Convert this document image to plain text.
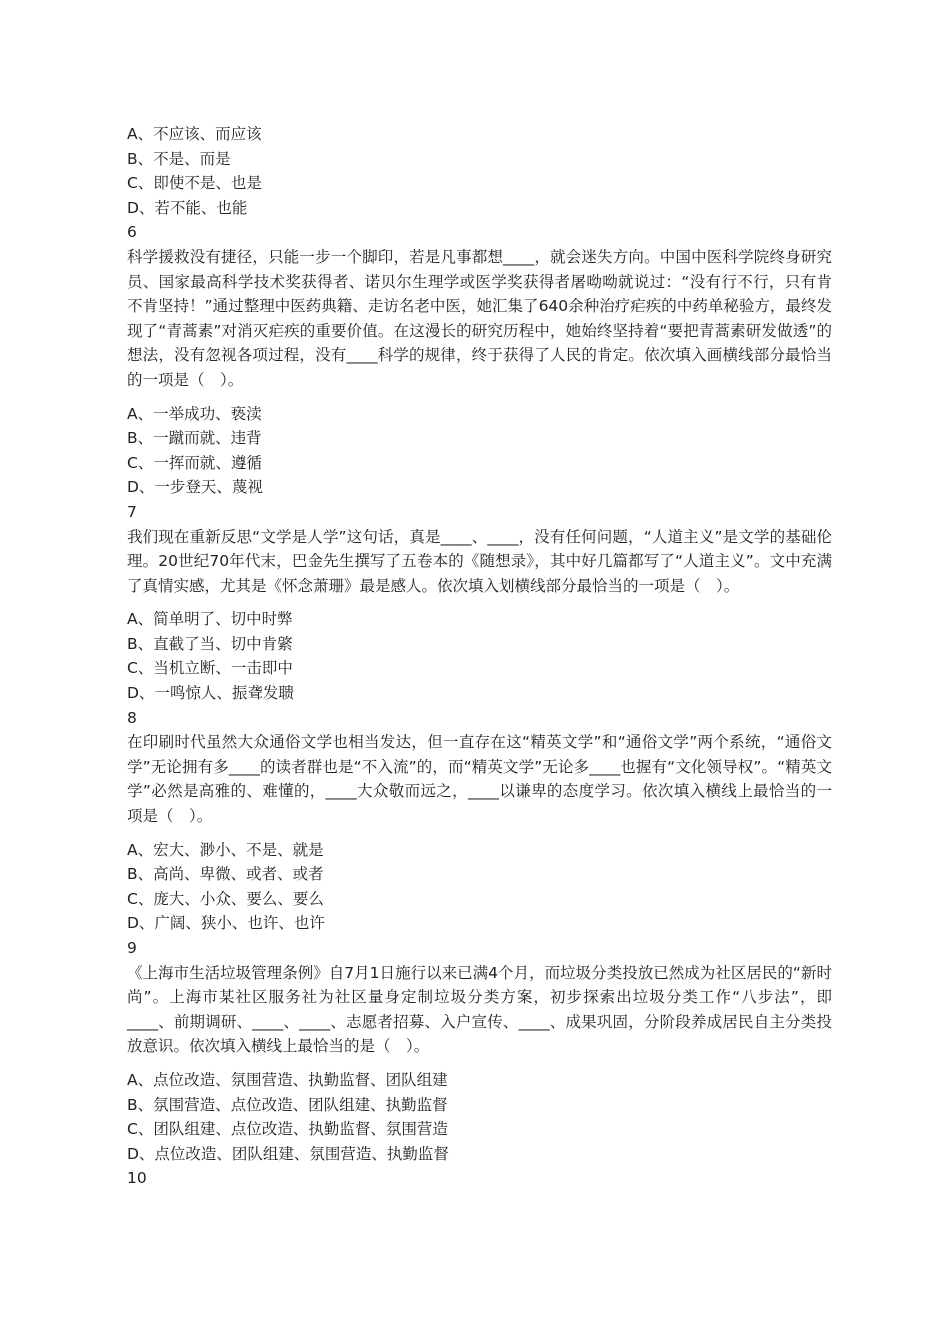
A、不应该、而应该
B、不是、而是
C、即使不是、也是
D、若不能、也能
6
科学援救没有捷径，只能一步一个脚印，若是凡事都想____，就会迷失方向。中国中医科学院终身研究员、国家最高科学技术奖获得者、诺贝尔生理学或医学奖获得者屠呦呦就说过：“没有行不行，只有肯不肯坚持！”通过整理中医药典籍、走访名老中医，她汇集了640余种治疗疟疾的中药单秘验方，最终发现了“青蒿素”对消灭疟疾的重要价值。在这漫长的研究历程中，她始终坚持着“要把青蒿素研发做透”的想法，没有忽视各项过程，没有____科学的规律，终于获得了人民的肯定。依次填入画横线部分最恰当的一项是（　）。
A、一举成功、亵渎
B、一蹴而就、违背
C、一挥而就、遵循
D、一步登天、蔑视
7
我们现在重新反思“文学是人学”这句话，真是____、____，没有任何问题，“人道主义”是文学的基础伦理。20世纪70年代末，巴金先生撰写了五卷本的《随想录》，其中好几篇都写了“人道主义”。文中充满了真情实感，尤其是《怀念萧珊》最是感人。依次填入划横线部分最恰当的一项是（　）。
A、简单明了、切中时弊
B、直截了当、切中肯綮
C、当机立断、一击即中
D、一鸣惊人、振聋发聩
8
在印刷时代虽然大众通俗文学也相当发达，但一直存在这“精英文学”和“通俗文学”两个系统，“通俗文学”无论拥有多____的读者群也是“不入流”的，而“精英文学”无论多____也握有“文化领导权”。“精英文学”必然是高雅的、难懂的，____大众敬而远之，____以谦卑的态度学习。依次填入横线上最恰当的一项是（　）。
A、宏大、渺小、不是、就是
B、高尚、卑微、或者、或者
C、庞大、小众、要么、要么
D、广阔、狭小、也许、也许
9
《上海市生活垃圾管理条例》自7月1日施行以来已满4个月，而垃圾分类投放已然成为社区居民的“新时尚”。上海市某社区服务社为社区量身定制垃圾分类方案，初步探索出垃圾分类工作“八步法”，即____、前期调研、____、____、志愿者招募、入户宣传、____、成果巩固，分阶段养成居民自主分类投放意识。依次填入横线上最恰当的是（　）。
A、点位改造、氛围营造、执勤监督、团队组建
B、氛围营造、点位改造、团队组建、执勤监督
C、团队组建、点位改造、执勤监督、氛围营造
D、点位改造、团队组建、氛围营造、执勤监督
10
